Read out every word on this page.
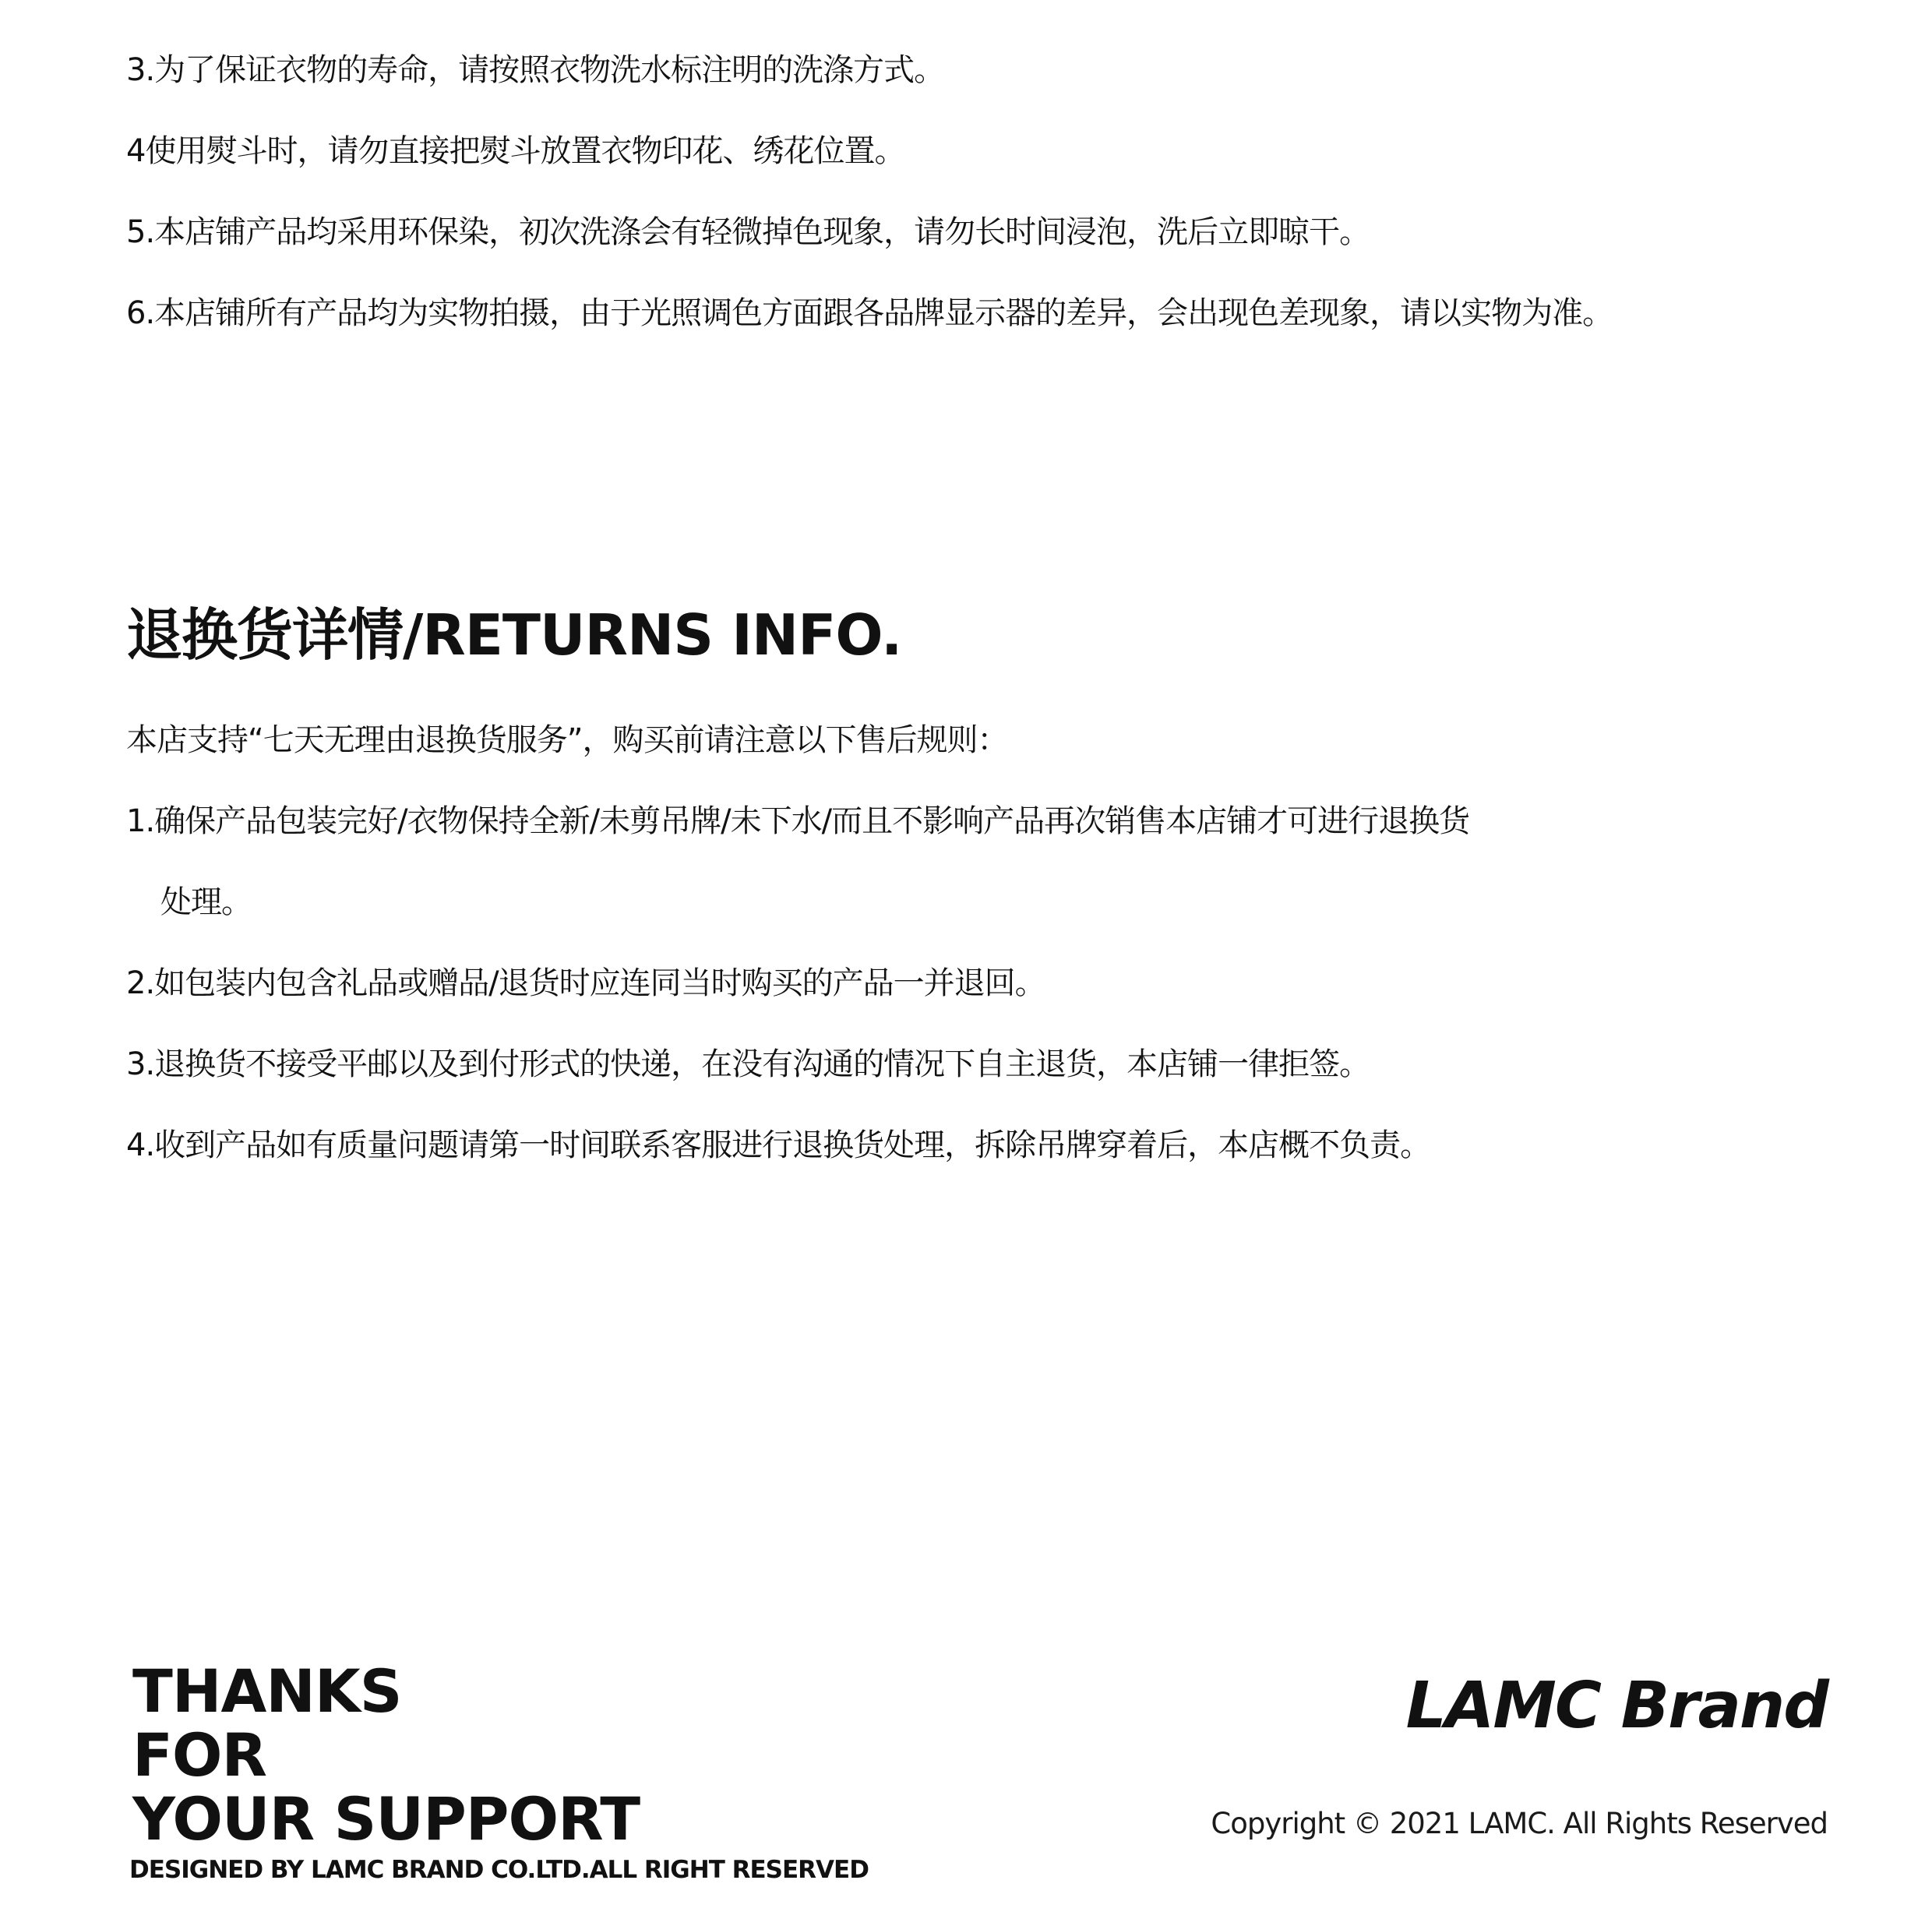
3.为了保证衣物的寿命，请按照衣物洗水标注明的洗涤方式。
4使用熨斗时，请勿直接把熨斗放置衣物印花、绣花位置。
5.本店铺产品均采用环保染，初次洗涤会有轻微掉色现象，请勿长时间浸泡，洗后立即晾干。
6.本店铺所有产品均为实物拍摄，由于光照调色方面跟各品牌显示器的差异，会出现色差现象，请以实物为准。
退换货详情/RETURNS INFO.
本店支持“七天无理由退换货服务”，购买前请注意以下售后规则：
1.确保产品包装完好/衣物保持全新/未剪吊牌/未下水/而且不影响产品再次销售本店铺才可进行退换货
处理。
2.如包装内包含礼品或赠品/退货时应连同当时购买的产品一并退回。
3.退换货不接受平邮以及到付形式的快递，在没有沟通的情况下自主退货，本店铺一律拒签。
4.收到产品如有质量问题请第一时间联系客服进行退换货处理，拆除吊牌穿着后，本店概不负责。
THANKS
FOR
YOUR SUPPORT
DESIGNED BY LAMC BRAND CO.LTD.ALL RIGHT RESERVED
LAMC Brand
Copyright © 2021 LAMC. All Rights Reserved
